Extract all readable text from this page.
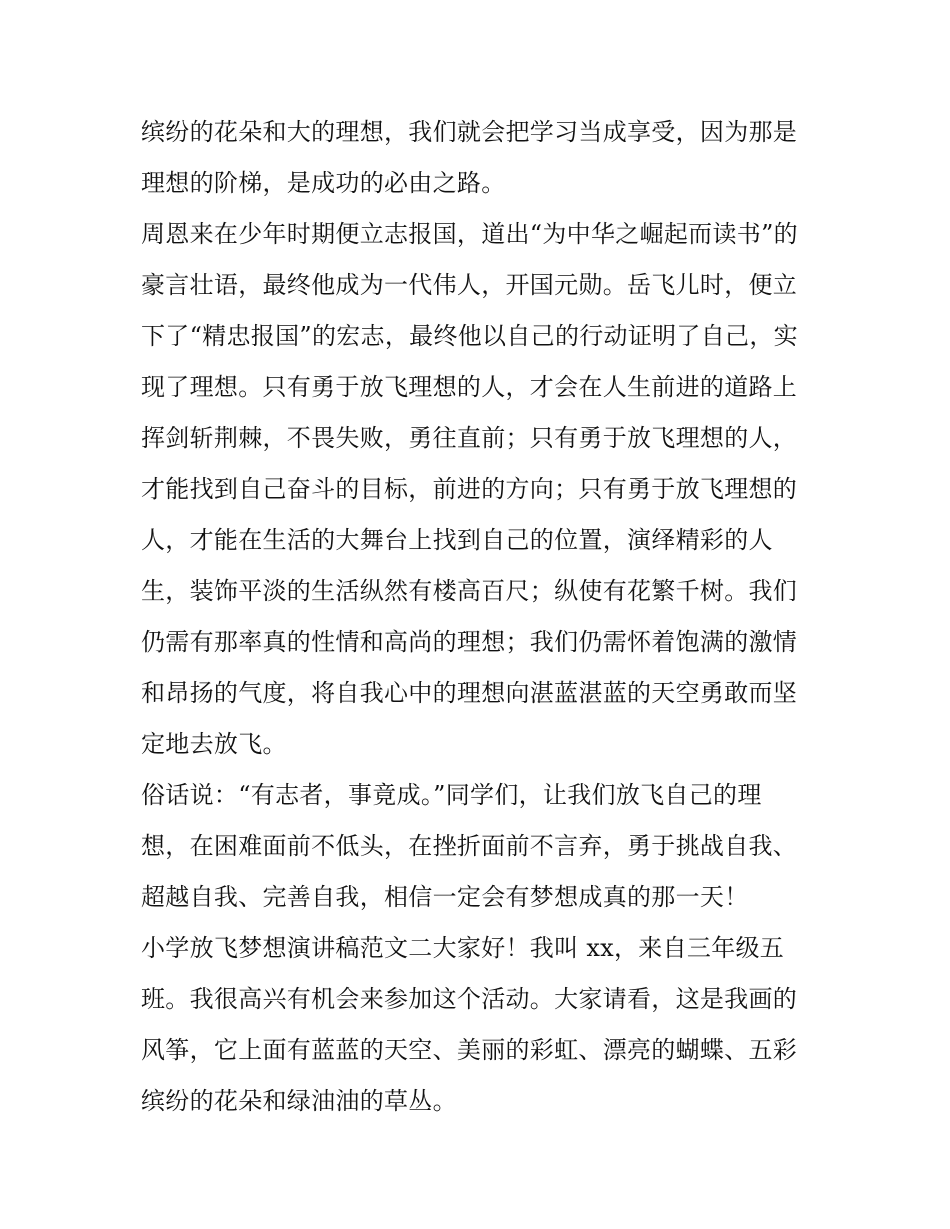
缤纷的花朵和大的理想，我们就会把学习当成享受，因为那是
理想的阶梯，是成功的必由之路。
周恩来在少年时期便立志报国，道出“为中华之崛起而读书”的
豪言壮语，最终他成为一代伟人，开国元勋。岳飞儿时，便立
下了“精忠报国”的宏志，最终他以自己的行动证明了自己，实
现了理想。只有勇于放飞理想的人，才会在人生前进的道路上
挥剑斩荆棘，不畏失败，勇往直前；只有勇于放飞理想的人，
才能找到自己奋斗的目标，前进的方向；只有勇于放飞理想的
人，才能在生活的大舞台上找到自己的位置，演绎精彩的人
生，装饰平淡的生活纵然有楼高百尺；纵使有花繁千树。我们
仍需有那率真的性情和高尚的理想；我们仍需怀着饱满的激情
和昂扬的气度，将自我心中的理想向湛蓝湛蓝的天空勇敢而坚
定地去放飞。
俗话说：“有志者，事竟成。”同学们，让我们放飞自己的理
想，在困难面前不低头，在挫折面前不言弃，勇于挑战自我、
超越自我、完善自我，相信一定会有梦想成真的那一天！
小学放飞梦想演讲稿范文二大家好！我叫 xx，来自三年级五
班。我很高兴有机会来参加这个活动。大家请看，这是我画的
风筝，它上面有蓝蓝的天空、美丽的彩虹、漂亮的蝴蝶、五彩
缤纷的花朵和绿油油的草丛。
